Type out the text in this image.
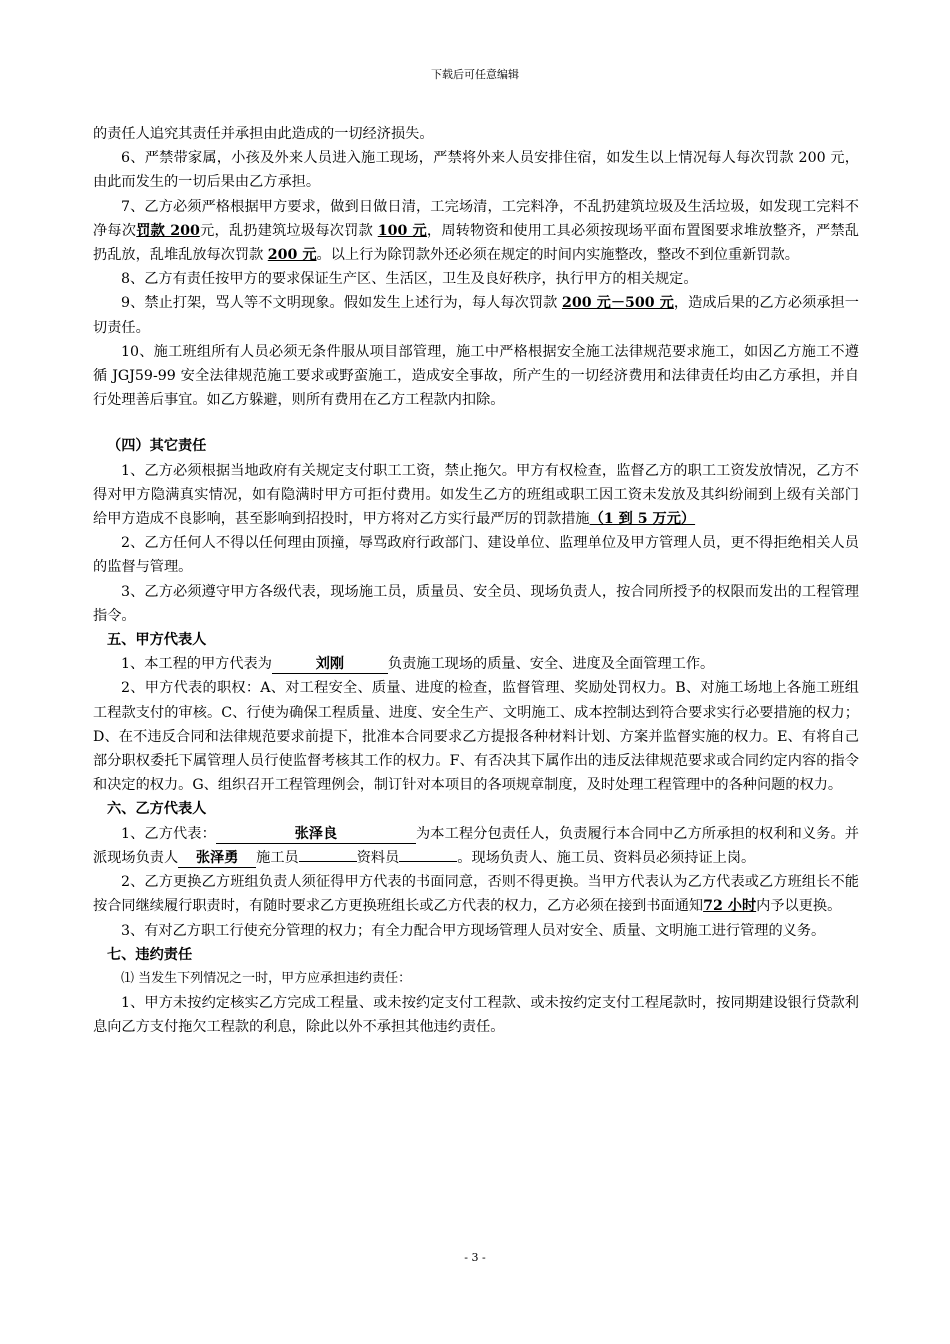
下载后可任意编辑

的责任人追究其责任并承担由此造成的一切经济损失。

6、严禁带家属，小孩及外来人员进入施工现场，严禁将外来人员安排住宿，如发生以上情况每人每次罚款 200 元，由此而发生的一切后果由乙方承担。

7、乙方必须严格根据甲方要求，做到日做日清，工完场清，工完料净，不乱扔建筑垃圾及生活垃圾，如发现工完料不净每次罚款 200元，乱扔建筑垃圾每次罚款 100 元，周转物资和使用工具必须按现场平面布置图要求堆放整齐，严禁乱扔乱放，乱堆乱放每次罚款 200 元。以上行为除罚款外还必须在规定的时间内实施整改，整改不到位重新罚款。

8、乙方有责任按甲方的要求保证生产区、生活区，卫生及良好秩序，执行甲方的相关规定。

9、禁止打架，骂人等不文明现象。假如发生上述行为，每人每次罚款 200 元－500 元，造成后果的乙方必须承担一切责任。

10、施工班组所有人员必须无条件服从项目部管理，施工中严格根据安全施工法律规范要求施工，如因乙方施工不遵循 JGJ59-99 安全法律规范施工要求或野蛮施工，造成安全事故，所产生的一切经济费用和法律责任均由乙方承担，并自行处理善后事宜。如乙方躲避，则所有费用在乙方工程款内扣除。

（四）其它责任

1、乙方必须根据当地政府有关规定支付职工工资，禁止拖欠。甲方有权检查，监督乙方的职工工资发放情况，乙方不得对甲方隐满真实情况，如有隐满时甲方可拒付费用。如发生乙方的班组或职工因工资未发放及其纠纷闹到上级有关部门给甲方造成不良影响，甚至影响到招投时，甲方将对乙方实行最严厉的罚款措施（1 到 5 万元）

2、乙方任何人不得以任何理由顶撞，辱骂政府行政部门、建设单位、监理单位及甲方管理人员，更不得拒绝相关人员的监督与管理。

3、乙方必须遵守甲方各级代表，现场施工员，质量员、安全员、现场负责人，按合同所授予的权限而发出的工程管理指令。

五、甲方代表人

1、本工程的甲方代表为	刘刚	负责施工现场的质量、安全、进度及全面管理工作。

2、甲方代表的职权：A、对工程安全、质量、进度的检查，监督管理、奖励处罚权力。B、对施工场地上各施工班组工程款支付的审核。C、行使为确保工程质量、进度、安全生产、文明施工、成本控制达到符合要求实行必要措施的权力；D、在不违反合同和法律规范要求前提下，批准本合同要求乙方提报各种材料计划、方案并监督实施的权力。E、有将自己部分职权委托下属管理人员行使监督考核其工作的权力。F、有否决其下属作出的违反法律规范要求或合同约定内容的指令和决定的权力。G、组织召开工程管理例会，制订针对本项目的各项规章制度，及时处理工程管理中的各种问题的权力。

六、乙方代表人

1、乙方代表：	张泽良	为本工程分包责任人，负责履行本合同中乙方所承担的权利和义务。并派现场负责人 张泽勇 施工员	资料员	。现场负责人、施工员、资料员必须持证上岗。

2、乙方更换乙方班组负责人须征得甲方代表的书面同意，否则不得更换。当甲方代表认为乙方代表或乙方班组长不能按合同继续履行职责时，有随时要求乙方更换班组长或乙方代表的权力，乙方必须在接到书面通知72 小时内予以更换。

3、有对乙方职工行使充分管理的权力；有全力配合甲方现场管理人员对安全、质量、文明施工进行管理的义务。

七、违约责任

⑴ 当发生下列情况之一时，甲方应承担违约责任：

1、甲方未按约定核实乙方完成工程量、或未按约定支付工程款、或未按约定支付工程尾款时，按同期建设银行贷款利息向乙方支付拖欠工程款的利息，除此以外不承担其他违约责任。

- 3 -
